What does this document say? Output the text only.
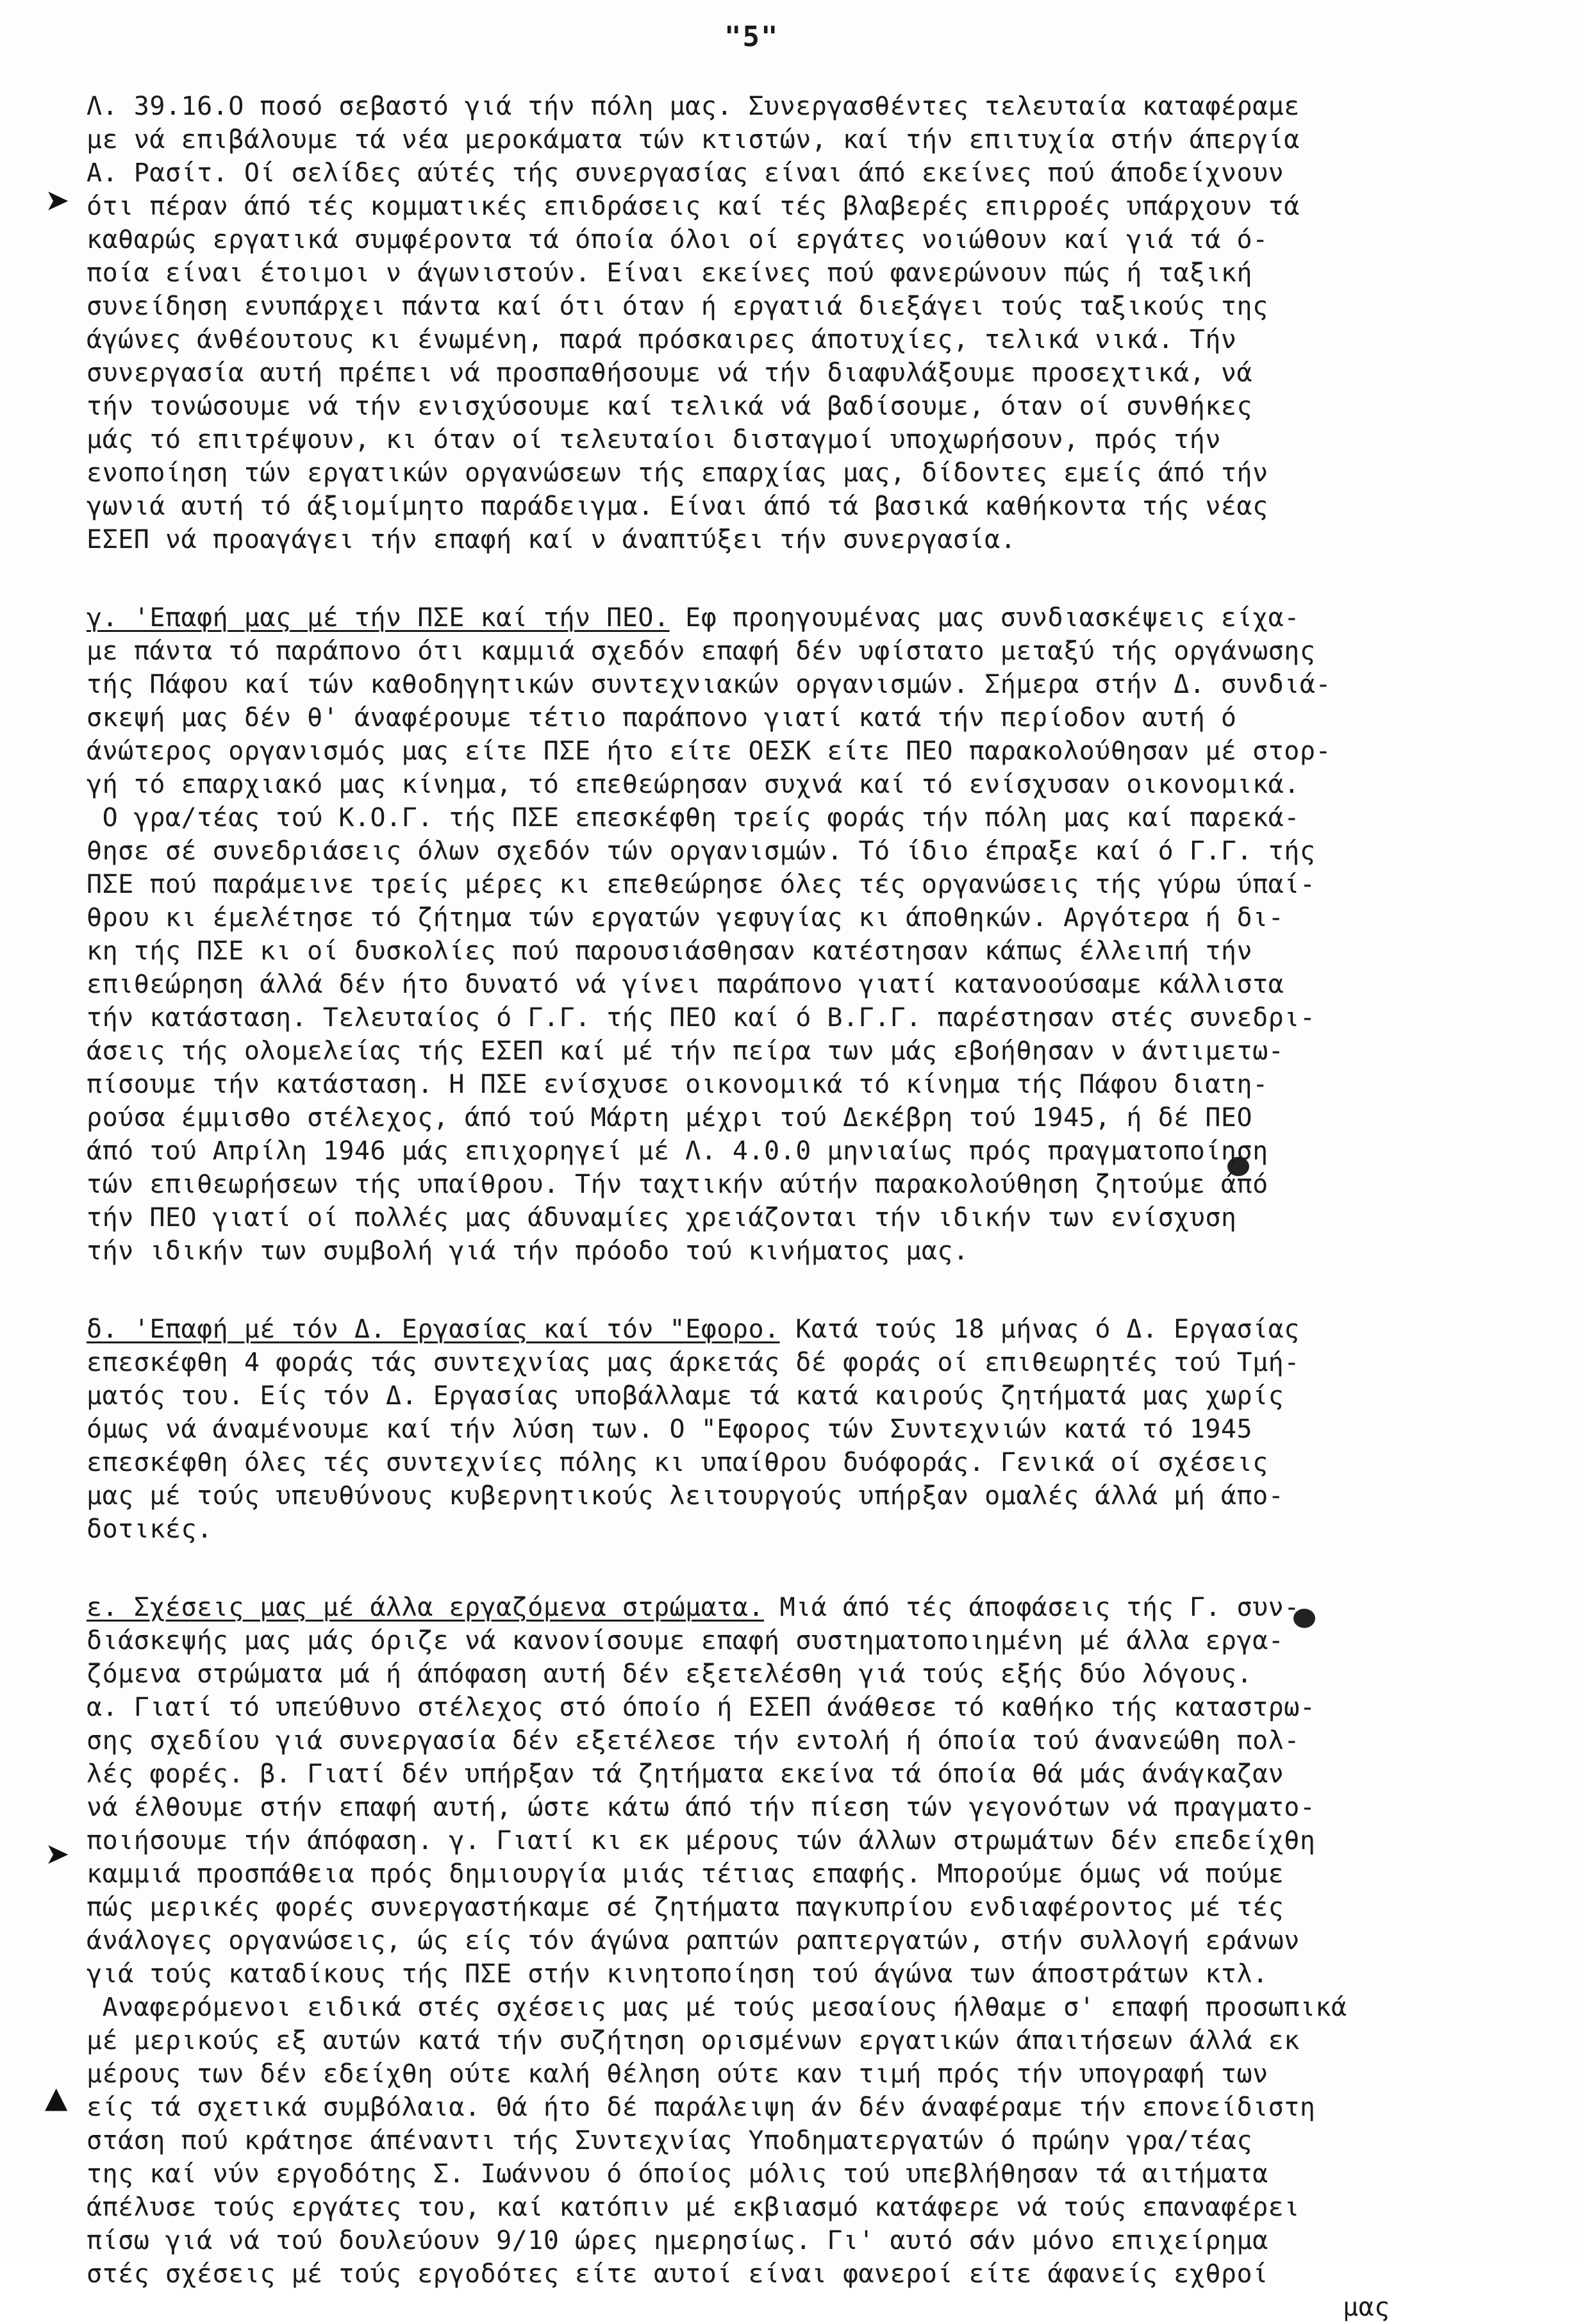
"5"
➤
➤
▲
Λ. 39.16.Ο ποσό σεβαστό γιά τήν πόλη μας. Συνεργασθέντες τελευταία καταφέραμε
με νά επιβάλουμε τά νέα μεροκάματα τών κτιστών, καί τήν επιτυχία στήν άπεργία
Α. Ρασίτ. Οί σελίδες αύτές τής συνεργασίας είναι άπό εκείνες πού άποδείχνουν
ότι πέραν άπό τές κομματικές επιδράσεις καί τές βλαβερές επιρροές υπάρχουν τά
καθαρώς εργατικά συμφέροντα τά όποία όλοι οί εργάτες νοιώθουν καί γιά τά ό-
ποία είναι έτοιμοι ν άγωνιστούν. Είναι εκείνες πού φανερώνουν πώς ή ταξική
συνείδηση ενυπάρχει πάντα καί ότι όταν ή εργατιά διεξάγει τούς ταξικούς της
άγώνες άνθέουτους κι ένωμένη, παρά πρόσκαιρες άποτυχίες, τελικά νικά. Τήν
συνεργασία αυτή πρέπει νά προσπαθήσουμε νά τήν διαφυλάξουμε προσεχτικά, νά
τήν τονώσουμε νά τήν ενισχύσουμε καί τελικά νά βαδίσουμε, όταν οί συνθήκες
μάς τό επιτρέψουν, κι όταν οί τελευταίοι δισταγμοί υποχωρήσουν, πρός τήν
ενοποίηση τών εργατικών οργανώσεων τής επαρχίας μας, δίδοντες εμείς άπό τήν
γωνιά αυτή τό άξιομίμητο παράδειγμα. Είναι άπό τά βασικά καθήκοντα τής νέας
ΕΣΕΠ νά προαγάγει τήν επαφή καί ν άναπτύξει τήν συνεργασία.
γ. 'Επαφή μας μέ τήν ΠΣΕ καί τήν ΠΕΟ. Εφ προηγουμένας μας συνδιασκέψεις είχα-
με πάντα τό παράπονο ότι καμμιά σχεδόν επαφή δέν υφίστατο μεταξύ τής οργάνωσης
τής Πάφου καί τών καθοδηγητικών συντεχνιακών οργανισμών. Σήμερα στήν Δ. συνδιά-
σκεψή μας δέν θ' άναφέρουμε τέτιο παράπονο γιατί κατά τήν περίοδον αυτή ό
άνώτερος οργανισμός μας είτε ΠΣΕ ήτο είτε ΟΕΣΚ είτε ΠΕΟ παρακολούθησαν μέ στορ-
γή τό επαρχιακό μας κίνημα, τό επεθεώρησαν συχνά καί τό ενίσχυσαν οικονομικά.
Ο γρα/τέας τού Κ.Ο.Γ. τής ΠΣΕ επεσκέφθη τρείς φοράς τήν πόλη μας καί παρεκά-
θησε σέ συνεδριάσεις όλων σχεδόν τών οργανισμών. Τό ίδιο έπραξε καί ό Γ.Γ. τής
ΠΣΕ πού παράμεινε τρείς μέρες κι επεθεώρησε όλες τές οργανώσεις τής γύρω ύπαί-
θρου κι έμελέτησε τό ζήτημα τών εργατών γεφυγίας κι άποθηκών. Αργότερα ή δι-
κη τής ΠΣΕ κι οί δυσκολίες πού παρουσιάσθησαν κατέστησαν κάπως έλλειπή τήν
επιθεώρηση άλλά δέν ήτο δυνατό νά γίνει παράπονο γιατί κατανοούσαμε κάλλιστα
τήν κατάσταση. Τελευταίος ό Γ.Γ. τής ΠΕΟ καί ό Β.Γ.Γ. παρέστησαν στές συνεδρι-
άσεις τής ολομελείας τής ΕΣΕΠ καί μέ τήν πείρα των μάς εβοήθησαν ν άντιμετω-
πίσουμε τήν κατάσταση. Η ΠΣΕ ενίσχυσε οικονομικά τό κίνημα τής Πάφου διατη-
ρούσα έμμισθο στέλεχος, άπό τού Μάρτη μέχρι τού Δεκέβρη τού 1945, ή δέ ΠΕΟ
άπό τού Απρίλη 1946 μάς επιχορηγεί μέ Λ. 4.0.0 μηνιαίως πρός πραγματοποίηση
τών επιθεωρήσεων τής υπαίθρου. Τήν ταχτικήν αύτήν παρακολούθηση ζητούμε άπό
τήν ΠΕΟ γιατί οί πολλές μας άδυναμίες χρειάζονται τήν ιδικήν των ενίσχυση
τήν ιδικήν των συμβολή γιά τήν πρόοδο τού κινήματος μας.
δ. 'Επαφή μέ τόν Δ. Εργασίας καί τόν "Εφορο. Κατά τούς 18 μήνας ό Δ. Εργασίας
επεσκέφθη 4 φοράς τάς συντεχνίας μας άρκετάς δέ φοράς οί επιθεωρητές τού Τμή-
ματός του. Είς τόν Δ. Εργασίας υποβάλλαμε τά κατά καιρούς ζητήματά μας χωρίς
όμως νά άναμένουμε καί τήν λύση των. Ο "Εφορος τών Συντεχνιών κατά τό 1945
επεσκέφθη όλες τές συντεχνίες πόλης κι υπαίθρου δυόφοράς. Γενικά οί σχέσεις
μας μέ τούς υπευθύνους κυβερνητικούς λειτουργούς υπήρξαν ομαλές άλλά μή άπο-
δοτικές.
ε. Σχέσεις μας μέ άλλα εργαζόμενα στρώματα. Μιά άπό τές άποφάσεις τής Γ. συν-
διάσκεψής μας μάς όριζε νά κανονίσουμε επαφή συστηματοποιημένη μέ άλλα εργα-
ζόμενα στρώματα μά ή άπόφαση αυτή δέν εξετελέσθη γιά τούς εξής δύο λόγους.
α. Γιατί τό υπεύθυνο στέλεχος στό όποίο ή ΕΣΕΠ άνάθεσε τό καθήκο τής καταστρω-
σης σχεδίου γιά συνεργασία δέν εξετέλεσε τήν εντολή ή όποία τού άνανεώθη πολ-
λές φορές. β. Γιατί δέν υπήρξαν τά ζητήματα εκείνα τά όποία θά μάς άνάγκαζαν
νά έλθουμε στήν επαφή αυτή, ώστε κάτω άπό τήν πίεση τών γεγονότων νά πραγματο-
ποιήσουμε τήν άπόφαση. γ. Γιατί κι εκ μέρους τών άλλων στρωμάτων δέν επεδείχθη
καμμιά προσπάθεια πρός δημιουργία μιάς τέτιας επαφής. Μπορούμε όμως νά πούμε
πώς μερικές φορές συνεργαστήκαμε σέ ζητήματα παγκυπρίου ενδιαφέροντος μέ τές
άνάλογες οργανώσεις, ώς είς τόν άγώνα ραπτών ραπτεργατών, στήν συλλογή εράνων
γιά τούς καταδίκους τής ΠΣΕ στήν κινητοποίηση τού άγώνα των άποστράτων κτλ.
Αναφερόμενοι ειδικά στές σχέσεις μας μέ τούς μεσαίους ήλθαμε σ' επαφή προσωπικά
μέ μερικούς εξ αυτών κατά τήν συζήτηση ορισμένων εργατικών άπαιτήσεων άλλά εκ
μέρους των δέν εδείχθη ούτε καλή θέληση ούτε καν τιμή πρός τήν υπογραφή των
είς τά σχετικά συμβόλαια. Θά ήτο δέ παράλειψη άν δέν άναφέραμε τήν επονείδιστη
στάση πού κράτησε άπέναντι τής Συντεχνίας Υποδηματεργατών ό πρώην γρα/τέας
της καί νύν εργοδότης Σ. Ιωάννου ό όποίος μόλις τού υπεβλήθησαν τά αιτήματα
άπέλυσε τούς εργάτες του, καί κατόπιν μέ εκβιασμό κατάφερε νά τούς επαναφέρει
πίσω γιά νά τού δουλεύουν 9/10 ώρες ημερησίως. Γι' αυτό σάν μόνο επιχείρημα
στές σχέσεις μέ τούς εργοδότες είτε αυτοί είναι φανεροί είτε άφανείς εχθροί
μας
